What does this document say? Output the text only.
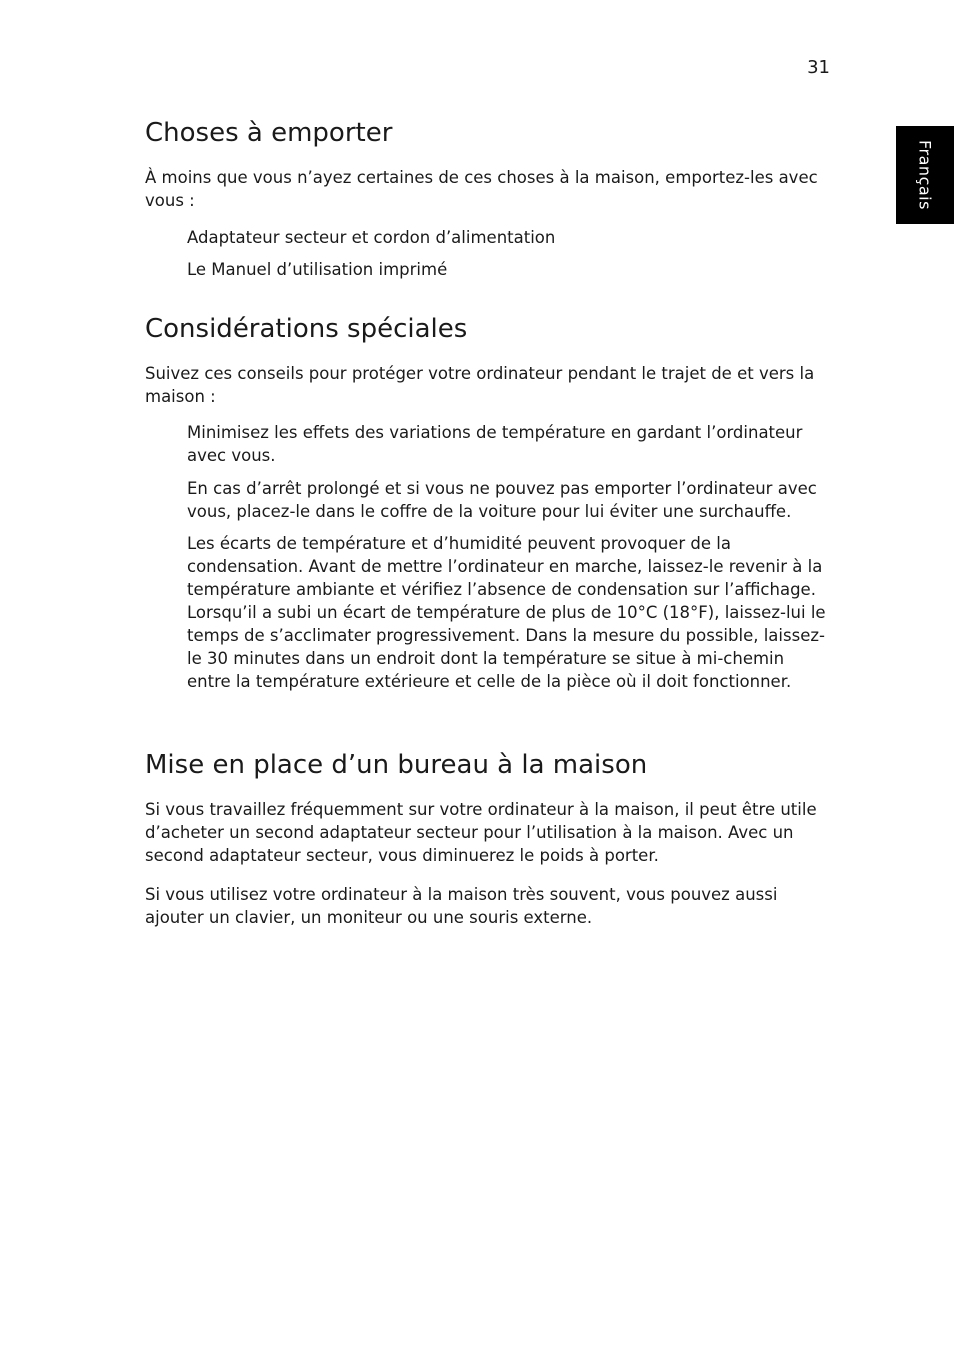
31
Français
Choses à emporter

À moins que vous n’ayez certaines de ces choses à la maison, emportez-les avec vous :

Adaptateur secteur et cordon d’alimentation

Le Manuel d’utilisation imprimé

Considérations spéciales

Suivez ces conseils pour protéger votre ordinateur pendant le trajet de et vers la maison :

Minimisez les effets des variations de température en gardant l’ordinateur avec vous.

En cas d’arrêt prolongé et si vous ne pouvez pas emporter l’ordinateur avec vous, placez-le dans le coffre de la voiture pour lui éviter une surchauffe.

Les écarts de température et d’humidité peuvent provoquer de la condensation. Avant de mettre l’ordinateur en marche, laissez-le revenir à la température ambiante et vérifiez l’absence de condensation sur l’affichage. Lorsqu’il a subi un écart de température de plus de 10°C (18°F), laissez-lui le temps de s’acclimater progressivement. Dans la mesure du possible, laissez-le 30 minutes dans un endroit dont la température se situe à mi-chemin entre la température extérieure et celle de la pièce où il doit fonctionner.

Mise en place d’un bureau à la maison

Si vous travaillez fréquemment sur votre ordinateur à la maison, il peut être utile d’acheter un second adaptateur secteur pour l’utilisation à la maison. Avec un second adaptateur secteur, vous diminuerez le poids à porter.

Si vous utilisez votre ordinateur à la maison très souvent, vous pouvez aussi ajouter un clavier, un moniteur ou une souris externe.
